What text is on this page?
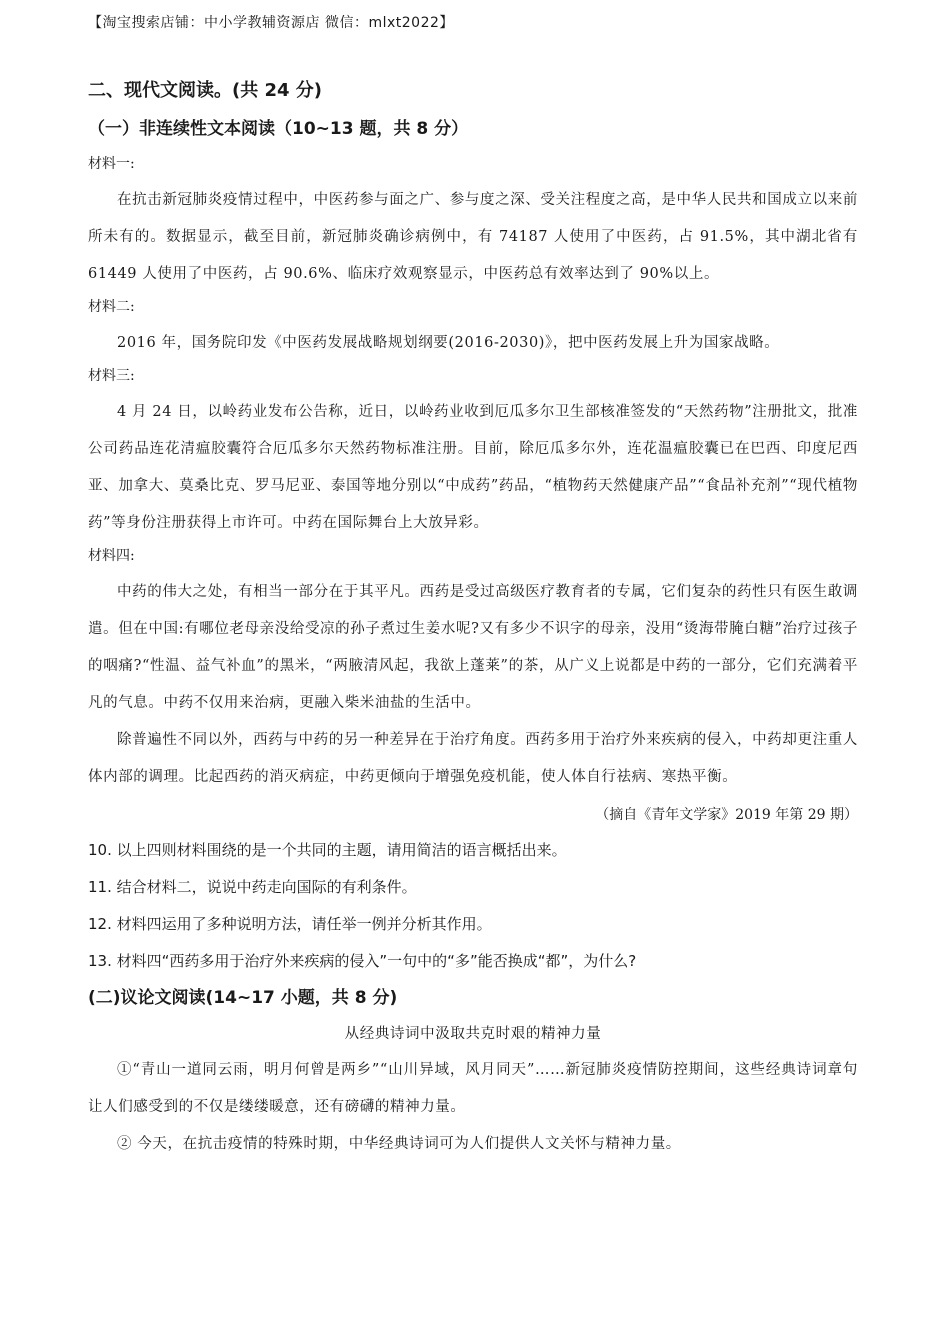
【淘宝搜索店铺：中小学教辅资源店 微信：mlxt2022】
二、现代文阅读。(共 24 分)
（一）非连续性文本阅读（10~13 题，共 8 分）
材料一:

在抗击新冠肺炎疫情过程中，中医药参与面之广、参与度之深、受关注程度之高，是中华人民共和国成立以来前所未有的。数据显示，截至目前，新冠肺炎确诊病例中，有 74187 人使用了中医药，占 91.5%，其中湖北省有 61449 人使用了中医药，占 90.6%、临床疗效观察显示，中医药总有效率达到了 90%以上。

材料二:

2016 年，国务院印发《中医药发展战略规划纲要(2016-2030)》，把中医药发展上升为国家战略。

材料三:

4 月 24 日，以岭药业发布公告称，近日，以岭药业收到厄瓜多尔卫生部核准签发的“天然药物”注册批文，批准公司药品连花清瘟胶囊符合厄瓜多尔天然药物标准注册。目前，除厄瓜多尔外，连花温瘟胶囊已在巴西、印度尼西亚、加拿大、莫桑比克、罗马尼亚、泰国等地分别以“中成药”药品，“植物药天然健康产品”“食品补充剂”“现代植物药”等身份注册获得上市许可。中药在国际舞台上大放异彩。

材料四:

中药的伟大之处，有相当一部分在于其平凡。西药是受过高级医疗教育者的专属，它们复杂的药性只有医生敢调遣。但在中国:有哪位老母亲没给受凉的孙子煮过生姜水呢?又有多少不识字的母亲，没用“烫海带腌白糖”治疗过孩子的咽痛?“性温、益气补血”的黑米，“两腋清风起，我欲上蓬莱”的茶，从广义上说都是中药的一部分，它们充满着平凡的气息。中药不仅用来治病，更融入柴米油盐的生活中。

除普遍性不同以外，西药与中药的另一种差异在于治疗角度。西药多用于治疗外来疾病的侵入，中药却更注重人体内部的调理。比起西药的消灭病症，中药更倾向于增强免疫机能，使人体自行祛病、寒热平衡。

（摘自《青年文学家》2019 年第 29 期）

10. 以上四则材料围绕的是一个共同的主题，请用简洁的语言概括出来。

11. 结合材料二，说说中药走向国际的有利条件。

12. 材料四运用了多种说明方法，请任举一例并分析其作用。

13. 材料四“西药多用于治疗外来疾病的侵入”一句中的“多”能否换成“都”，为什么?

(二)议论文阅读(14~17 小题，共 8 分)
从经典诗词中汲取共克时艰的精神力量

①“青山一道同云雨，明月何曾是两乡”“山川异域，风月同天”……新冠肺炎疫情防控期间，这些经典诗词章句让人们感受到的不仅是缕缕暖意，还有磅礴的精神力量。

② 今天，在抗击疫情的特殊时期，中华经典诗词可为人们提供人文关怀与精神力量。
